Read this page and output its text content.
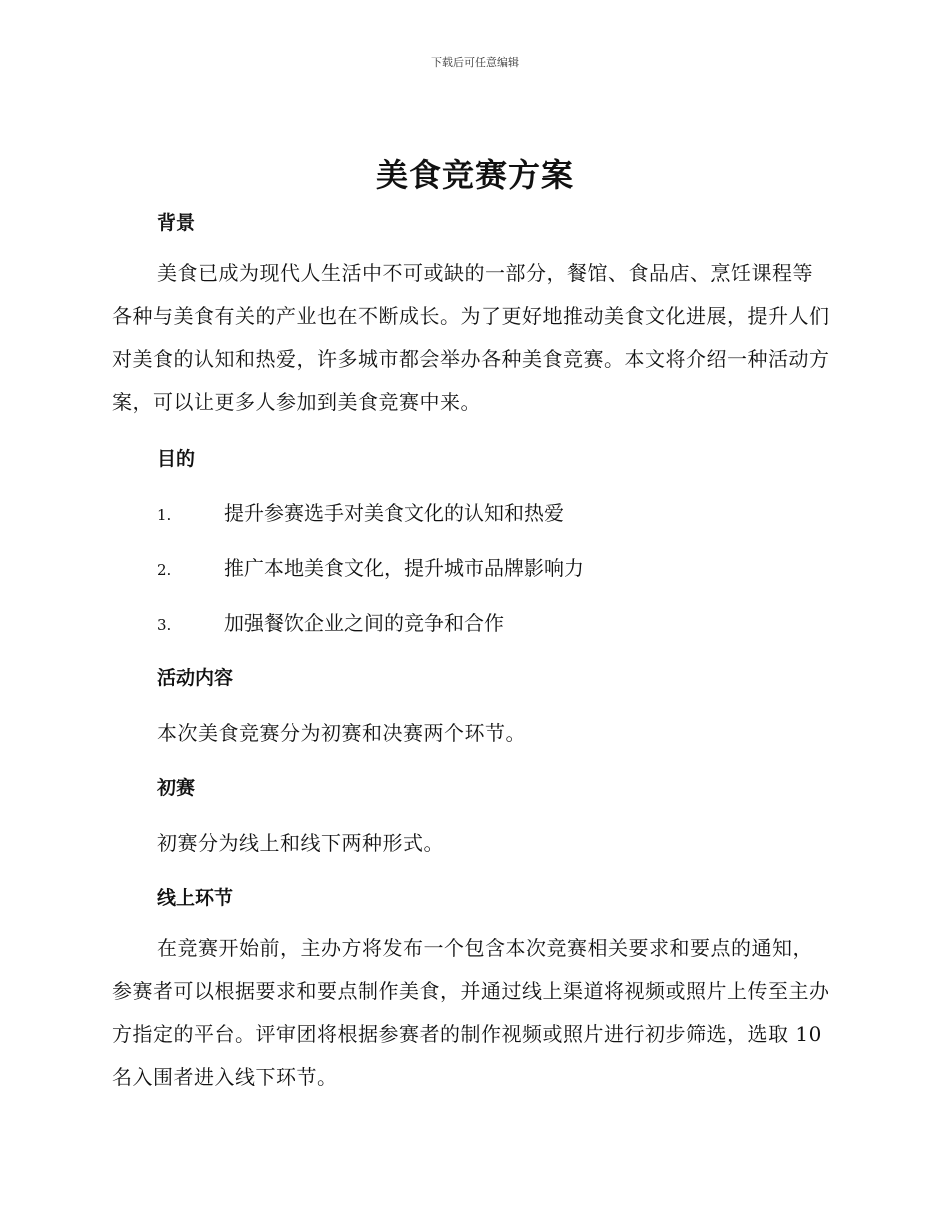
下载后可任意编辑
美食竞赛方案
背景
美食已成为现代人生活中不可或缺的一部分，餐馆、食品店、烹饪课程等各种与美食有关的产业也在不断成长。为了更好地推动美食文化进展，提升人们对美食的认知和热爱，许多城市都会举办各种美食竞赛。本文将介绍一种活动方案，可以让更多人参加到美食竞赛中来。
目的
1.	提升参赛选手对美食文化的认知和热爱
2.	推广本地美食文化，提升城市品牌影响力
3.	加强餐饮企业之间的竞争和合作
活动内容
本次美食竞赛分为初赛和决赛两个环节。
初赛
初赛分为线上和线下两种形式。
线上环节
在竞赛开始前，主办方将发布一个包含本次竞赛相关要求和要点的通知，参赛者可以根据要求和要点制作美食，并通过线上渠道将视频或照片上传至主办方指定的平台。评审团将根据参赛者的制作视频或照片进行初步筛选，选取 10 名入围者进入线下环节。
